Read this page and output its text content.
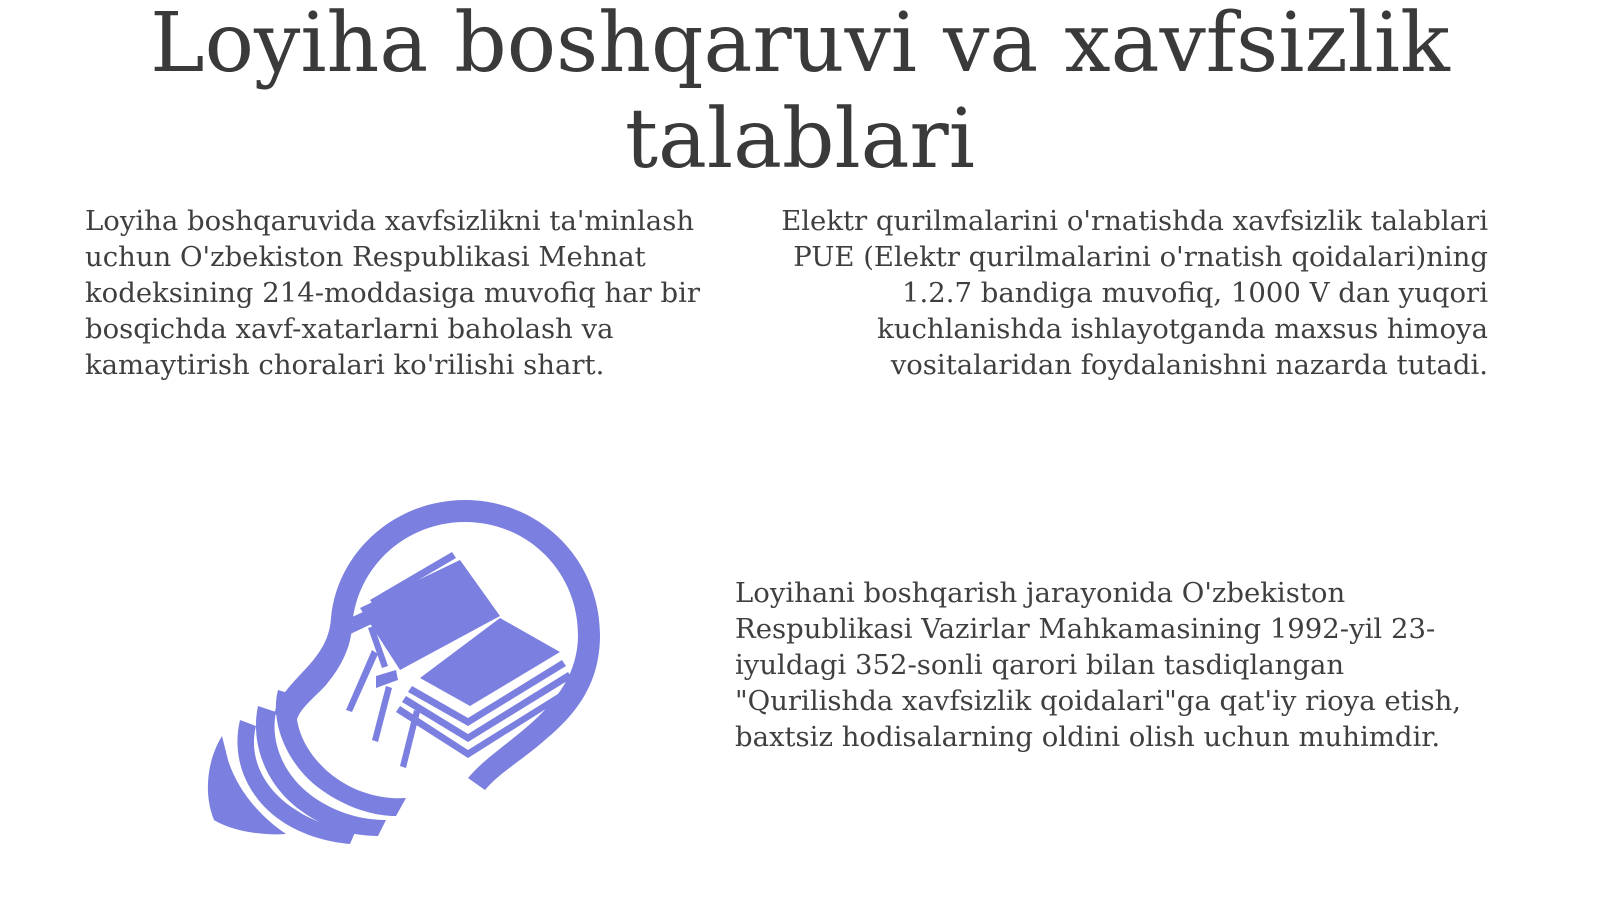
Loyiha boshqaruvi va xavfsizlik talablari

Loyiha boshqaruvida xavfsizlikni ta'minlash uchun O'zbekiston Respublikasi Mehnat kodeksining 214-moddasiga muvofiq har bir bosqichda xavf-xatarlarni baholash va kamaytirish choralari ko'rilishi shart.

Elektr qurilmalarini o'rnatishda xavfsizlik talablari PUE (Elektr qurilmalarini o'rnatish qoidalari)ning 1.2.7 bandiga muvofiq, 1000 V dan yuqori kuchlanishda ishlayotganda maxsus himoya vositalaridan foydalanishni nazarda tutadi.

Loyihani boshqarish jarayonida O'zbekiston Respublikasi Vazirlar Mahkamasining 1992-yil 23-iyuldagi 352-sonli qarori bilan tasdiqlangan "Qurilishda xavfsizlik qoidalari"ga qat'iy rioya etish, baxtsiz hodisalarning oldini olish uchun muhimdir.
